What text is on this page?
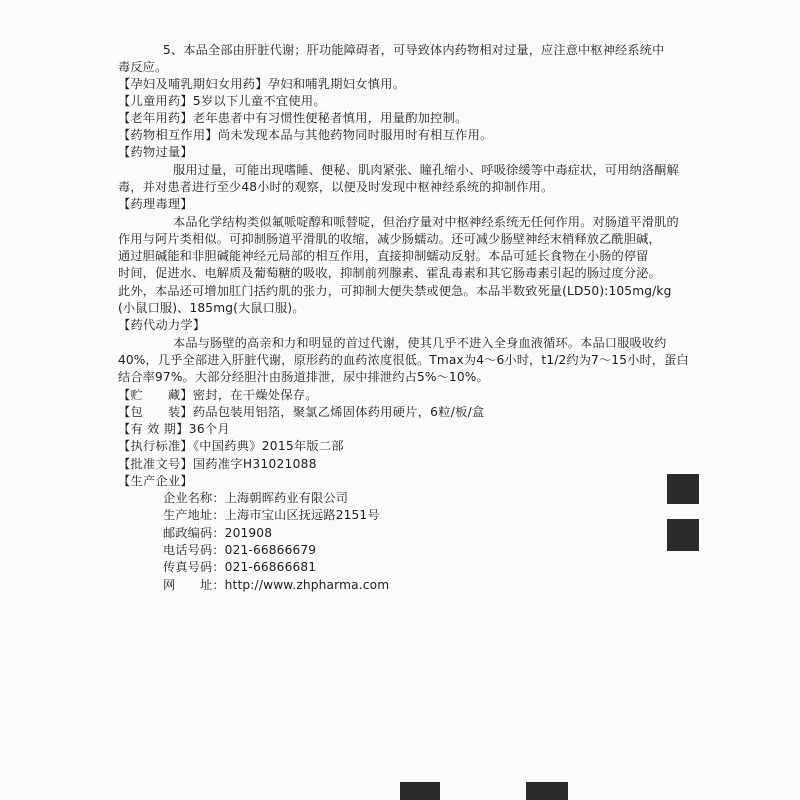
5、本品全部由肝脏代谢；肝功能障碍者，可导致体内药物相对过量，应注意中枢神经系统中
毒反应。
【孕妇及哺乳期妇女用药】孕妇和哺乳期妇女慎用。
【儿童用药】5岁以下儿童不宜使用。
【老年用药】老年患者中有习惯性便秘者慎用，用量酌加控制。
【药物相互作用】尚未发现本品与其他药物同时服用时有相互作用。
【药物过量】
服用过量，可能出现嗜睡、便秘、肌肉紧张、瞳孔缩小、呼吸徐缓等中毒症状，可用纳洛酮解
毒，并对患者进行至少48小时的观察，以便及时发现中枢神经系统的抑制作用。
【药理毒理】
本品化学结构类似氟哌啶醇和哌替啶，但治疗量对中枢神经系统无任何作用。对肠道平滑肌的
作用与阿片类相似。可抑制肠道平滑肌的收缩，减少肠蠕动。还可减少肠壁神经末梢释放乙酰胆碱，
通过胆碱能和非胆碱能神经元局部的相互作用，直接抑制蠕动反射。本品可延长食物在小肠的停留
时间，促进水、电解质及葡萄糖的吸收，抑制前列腺素、霍乱毒素和其它肠毒素引起的肠过度分泌。
此外，本品还可增加肛门括约肌的张力，可抑制大便失禁或便急。本品半数致死量(LD50):105mg/kg
(小鼠口服)、185mg(大鼠口服)。
【药代动力学】
本品与肠壁的高亲和力和明显的首过代谢，使其几乎不进入全身血液循环。本品口服吸收约
40%，几乎全部进入肝脏代谢，原形药的血药浓度很低。Tmax为4～6小时，t1/2约为7～15小时，蛋白
结合率97%。大部分经胆汁由肠道排泄，尿中排泄约占5%～10%。
【贮　　藏】密封，在干燥处保存。
【包　　装】药品包装用铝箔，聚氯乙烯固体药用硬片，6粒/板/盒
【有 效 期】36个月
【执行标准】《中国药典》2015年版二部
【批准文号】国药准字H31021088
【生产企业】
企业名称：上海朝晖药业有限公司
生产地址：上海市宝山区抚远路2151号
邮政编码：201908
电话号码：021-66866679
传真号码：021-66866681
网　　址：http://www.zhpharma.com
